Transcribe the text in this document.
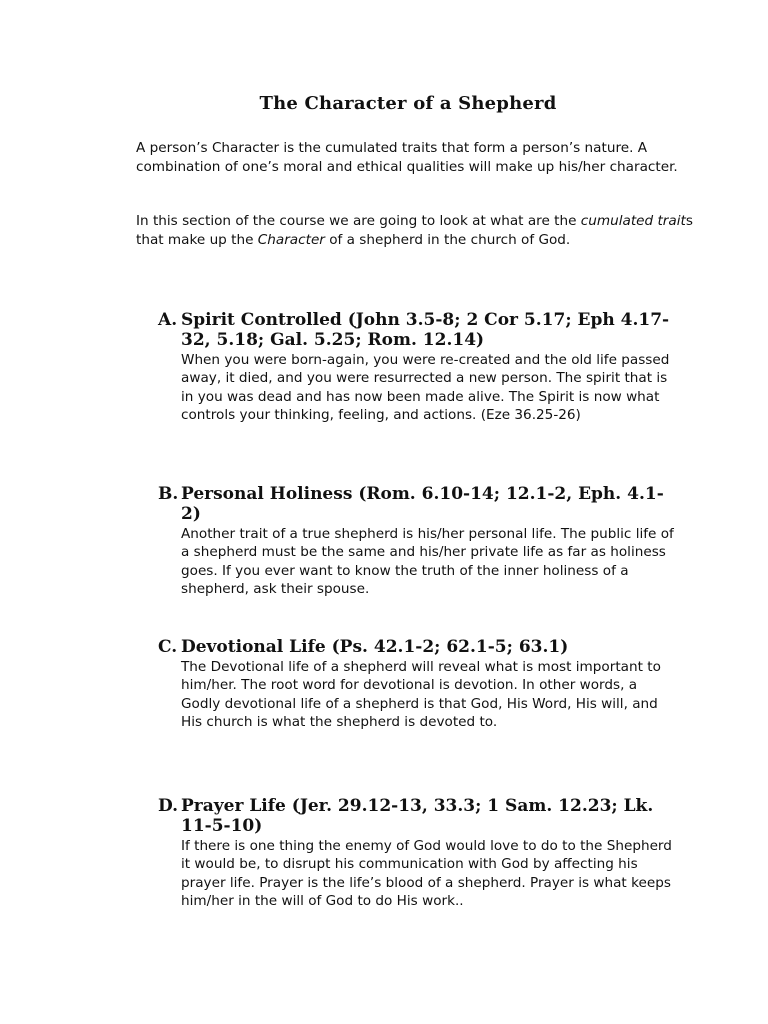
The Character of a Shepherd

A person’s Character is the cumulated traits that form a person’s nature. A combination of one’s moral and ethical qualities will make up his/her character.

In this section of the course we are going to look at what are the cumulated traits that make up the Character of a shepherd in the church of God.

A. Spirit Controlled (John 3.5-8; 2 Cor 5.17; Eph 4.17-32, 5.18; Gal. 5.25; Rom. 12.14)
When you were born-again, you were re-created and the old life passed away, it died, and you were resurrected a new person. The spirit that is in you was dead and has now been made alive. The Spirit is now what controls your thinking, feeling, and actions. (Eze 36.25-26)
B. Personal Holiness (Rom. 6.10-14; 12.1-2, Eph. 4.1-2)
Another trait of a true shepherd is his/her personal life. The public life of a shepherd must be the same and his/her private life as far as holiness goes. If you ever want to know the truth of the inner holiness of a shepherd, ask their spouse.
C. Devotional Life (Ps. 42.1-2; 62.1-5; 63.1)
The Devotional life of a shepherd will reveal what is most important to him/her. The root word for devotional is devotion. In other words, a Godly devotional life of a shepherd is that God, His Word, His will, and His church is what the shepherd is devoted to.
D. Prayer Life (Jer. 29.12-13, 33.3; 1 Sam. 12.23; Lk. 11-5-10)
If there is one thing the enemy of God would love to do to the Shepherd it would be, to disrupt his communication with God by affecting his prayer life. Prayer is the life’s blood of a shepherd. Prayer is what keeps him/her in the will of God to do His work..
